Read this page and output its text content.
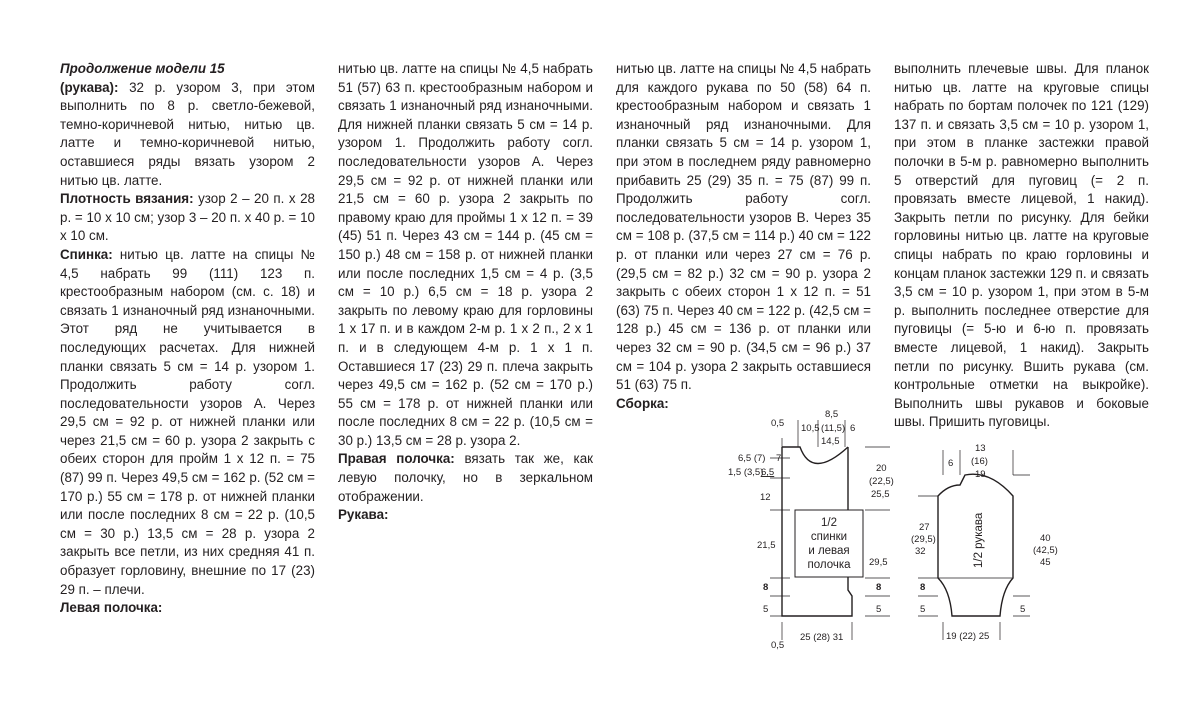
Продолжение модели 15

(рукава): 32 р. узором 3, при этом выполнить по 8 р. светло-бежевой, темно-коричневой нитью, нитью цв. латте и темно-коричневой нитью, оставшиеся ряды вязать узором 2 нитью цв. латте.

Плотность вязания: узор 2 – 20 п. х 28 р. = 10 х 10 см; узор 3 – 20 п. х 40 р. = 10 х 10 см.

Спинка: нитью цв. латте на спицы № 4,5 набрать 99 (111) 123 п. крестообразным набором (см. с. 18) и связать 1 изнаночный ряд изнаночными. Этот ряд не учитывается в последующих расчетах. Для нижней планки связать 5 см = 14 р. узором 1. Продолжить работу согл. последовательности узоров А. Через 29,5 см = 92 р. от нижней планки или через 21,5 см = 60 р. узора 2 закрыть с обеих сторон для пройм 1 х 12 п. = 75 (87) 99 п. Через 49,5 см = 162 р. (52 см = 170 р.) 55 см = 178 р. от нижней планки или после последних 8 см = 22 р. (10,5 см = 30 р.) 13,5 см = 28 р. узора 2 закрыть все петли, из них средняя 41 п. образует горловину, внешние по 17 (23) 29 п. – плечи.

Левая полочка:

нитью цв. латте на спицы № 4,5 набрать 51 (57) 63 п. крестообразным набором и связать 1 изнаночный ряд изнаночными. Для нижней планки связать 5 см = 14 р. узором 1. Продолжить работу согл. последовательности узоров А. Через 29,5 см = 92 р. от нижней планки или 21,5 см = 60 р. узора 2 закрыть по правому краю для проймы 1 х 12 п. = 39 (45) 51 п. Через 43 см = 144 р. (45 см = 150 р.) 48 см = 158 р. от нижней планки или после последних 1,5 см = 4 р. (3,5 см = 10 р.) 6,5 см = 18 р. узора 2 закрыть по левому краю для горловины 1 х 17 п. и в каждом 2-м р. 1 х 2 п., 2 х 1 п. и в следующем 4-м р. 1 х 1 п. Оставшиеся 17 (23) 29 п. плеча закрыть через 49,5 см = 162 р. (52 см = 170 р.) 55 см = 178 р. от нижней планки или после последних 8 см = 22 р. (10,5 см = 30 р.) 13,5 см = 28 р. узора 2.

Правая полочка: вязать так же, как левую полочку, но в зеркальном отображении.

Рукава:

нитью цв. латте на спицы № 4,5 набрать для каждого рукава по 50 (58) 64 п. крестообразным набором и связать 1 изнаночный ряд изнаночными. Для планки связать 5 см = 14 р. узором 1, при этом в последнем ряду равномерно прибавить 25 (29) 35 п. = 75 (87) 99 п. Продолжить работу согл. последовательности узоров В. Через 35 см = 108 р. (37,5 см = 114 р.) 40 см = 122 р. от планки или через 27 см = 76 р. (29,5 см = 82 р.) 32 см = 90 р. узора 2 закрыть с обеих сторон 1 х 12 п. = 51 (63) 75 п. Через 40 см = 122 р. (42,5 см = 128 р.) 45 см = 136 р. от планки или через 32 см = 90 р. (34,5 см = 96 р.) 37 см = 104 р. узора 2 закрыть оставшиеся 51 (63) 75 п.

Сборка:

выполнить плечевые швы. Для планок нитью цв. латте на круговые спицы набрать по бортам полочек по 121 (129) 137 п. и связать 3,5 см = 10 р. узором 1, при этом в планке застежки правой полочки в 5-м р. равномерно выполнить 5 отверстий для пуговиц (= 2 п. провязать вместе лицевой, 1 накид). Закрыть петли по рисунку. Для бейки горловины нитью цв. латте на круговые спицы набрать по краю горловины и концам планок застежки 129 п. и связать 3,5 см = 10 р. узором 1, при этом в 5-м р. выполнить последнее отверстие для пуговицы (= 5-ю и 6-ю п. провязать вместе лицевой, 1 накид). Закрыть петли по рисунку. Вшить рукава (см. контрольные отметки на выкройке). Выполнить швы рукавов и боковые швы. Пришить пуговицы.

0,5 10,5
8,5
(11,5) 6
14,5
6,5 (7) 7
1,5 (3,5)
6,5
12
21,5
8
5
0,5
25 (28) 31
20
(22,5)
25,5
29,5
8
5
1/2
спинки
и левая
полочка
6
13
(16)
19
27
(29,5)
32
8
5
40
(42,5)
45
5
19 (22) 25
1/2 рукава
